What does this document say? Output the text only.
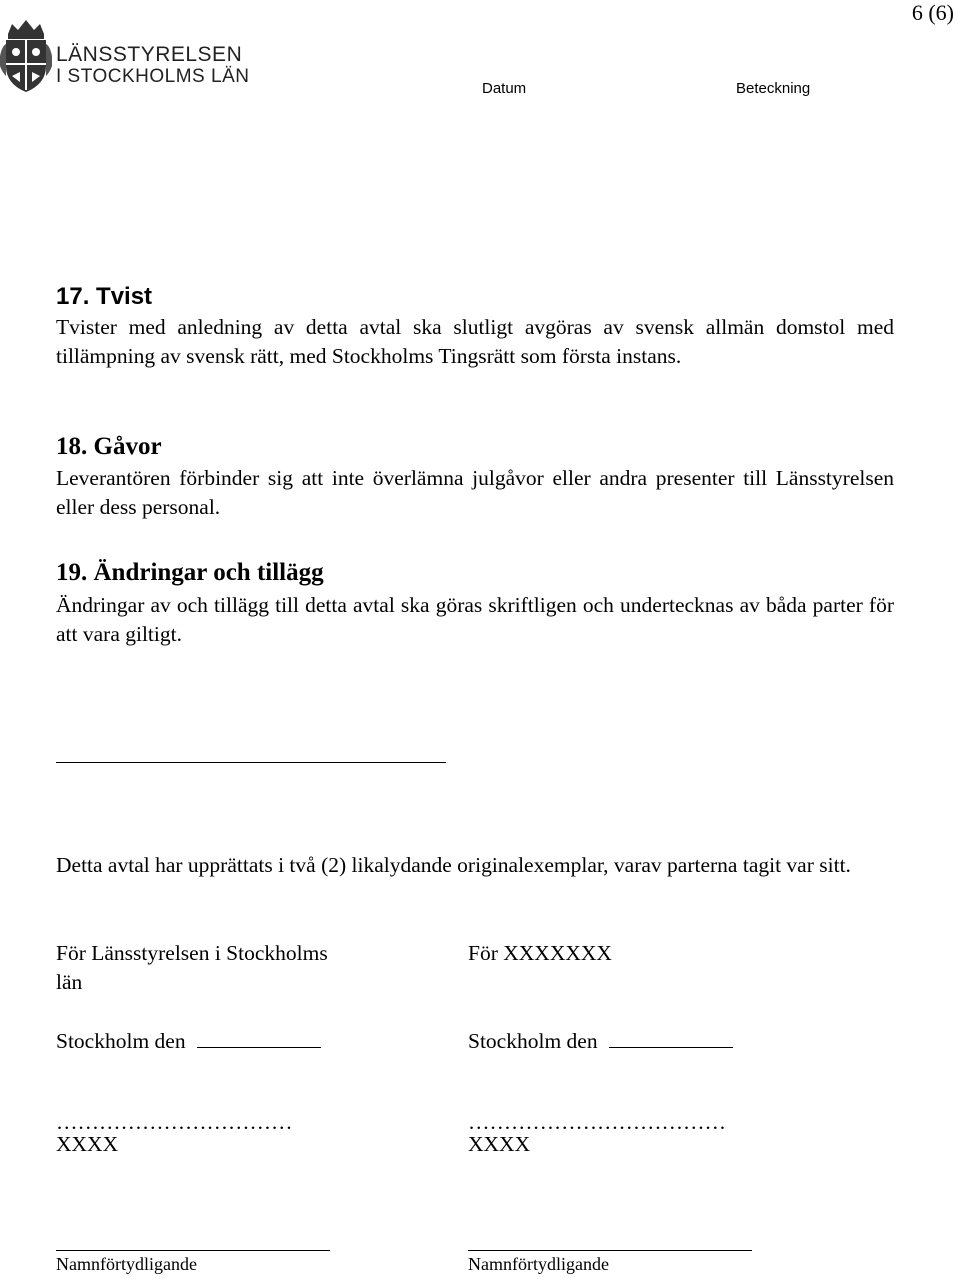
6 (6)
LÄNSSTYRELSEN
I STOCKHOLMS LÄN
Datum	Beteckning
17. Tvist
Tvister med anledning av detta avtal ska slutligt avgöras av svensk allmän domstol med tillämpning av svensk rätt, med Stockholms Tingsrätt som första instans.
18. Gåvor
Leverantören förbinder sig att inte överlämna julgåvor eller andra presenter till Länsstyrelsen eller dess personal.
19. Ändringar och tillägg
Ändringar av och tillägg till detta avtal ska göras skriftligen och undertecknas av båda parter för att vara giltigt.
Detta avtal har upprättats i två (2) likalydande originalexemplar, varav parterna tagit var sitt.
För Länsstyrelsen i Stockholms
län
Stockholm den
……………………………
XXXX
Namnförtydligande
För XXXXXXX
Stockholm den
………………………………
XXXX
Namnförtydligande
